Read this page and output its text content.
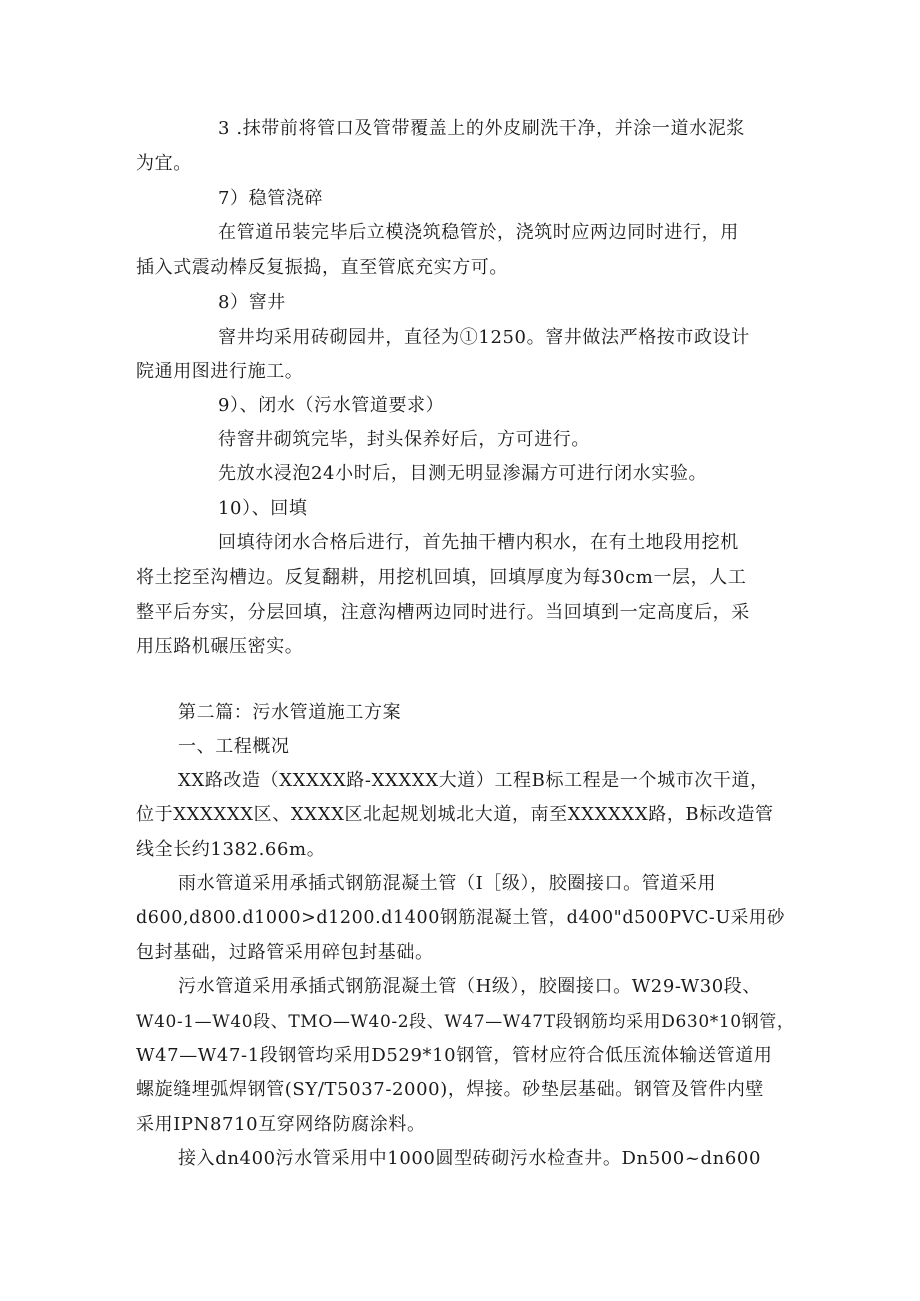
3 .抹带前将管口及管带覆盖上的外皮刷洗干净，并涂一道水泥浆
为宜。
7）稳管浇碎
在管道吊装完毕后立模浇筑稳管於，浇筑时应两边同时进行，用
插入式震动棒反复振捣，直至管底充实方可。
8）窨井
窨井均采用砖砌园井，直径为①1250。窨井做法严格按市政设计
院通用图进行施工。
9）、闭水（污水管道要求）
待窨井砌筑完毕，封头保养好后，方可进行。
先放水浸泡24小时后，目测无明显渗漏方可进行闭水实验。
10）、回填
回填待闭水合格后进行，首先抽干槽内积水，在有土地段用挖机
将土挖至沟槽边。反复翻耕，用挖机回填，回填厚度为每30cm一层，人工
整平后夯实，分层回填，注意沟槽两边同时进行。当回填到一定高度后，采
用压路机碾压密实。
第二篇：污水管道施工方案
一、工程概况
XX路改造（XXXXX路-XXXXX大道）工程B标工程是一个城市次干道，
位于XXXXXX区、XXXX区北起规划城北大道，南至XXXXXX路，B标改造管
线全长约1382.66m。
雨水管道采用承插式钢筋混凝土管（I［级），胶圈接口。管道采用
d600,d800.d1000>d1200.d1400钢筋混凝土管，d400"d500PVC-U采用砂
包封基础，过路管采用碎包封基础。
污水管道采用承插式钢筋混凝土管（H级），胶圈接口。W29-W30段、
W40-1—W40段、TMO—W40-2段、W47—W47T段钢筋均采用D630*10钢管，
W47—W47-1段钢管均采用D529*10钢管，管材应符合低压流体输送管道用
螺旋缝埋弧焊钢管(SY/T5037-2000)，焊接。砂垫层基础。钢管及管件内壁
采用IPN8710互穿网络防腐涂料。
接入dn400污水管采用中1000圆型砖砌污水检查井。Dn500~dn600
